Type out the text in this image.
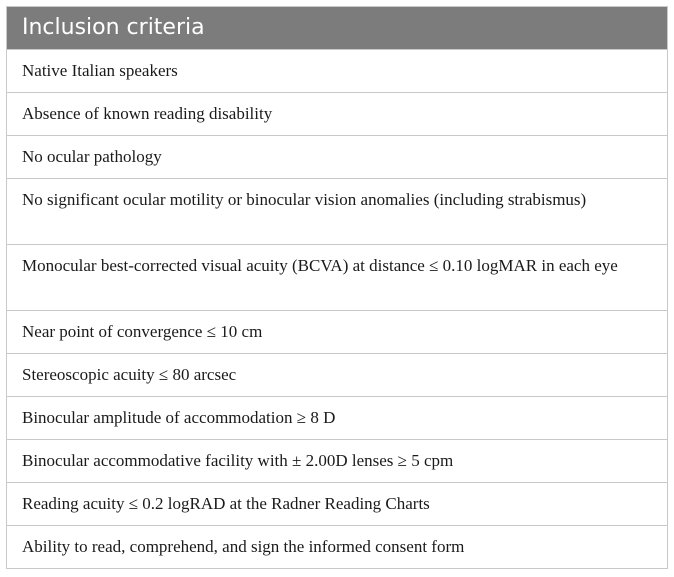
Inclusion criteria
Native Italian speakers
Absence of known reading disability
No ocular pathology
No significant ocular motility or binocular vision anomalies (including strabismus)
Monocular best-corrected visual acuity (BCVA) at distance ≤ 0.10 logMAR in each eye
Near point of convergence ≤ 10 cm
Stereoscopic acuity ≤ 80 arcsec
Binocular amplitude of accommodation ≥ 8 D
Binocular accommodative facility with ± 2.00D lenses ≥ 5 cpm
Reading acuity ≤ 0.2 logRAD at the Radner Reading Charts
Ability to read, comprehend, and sign the informed consent form
